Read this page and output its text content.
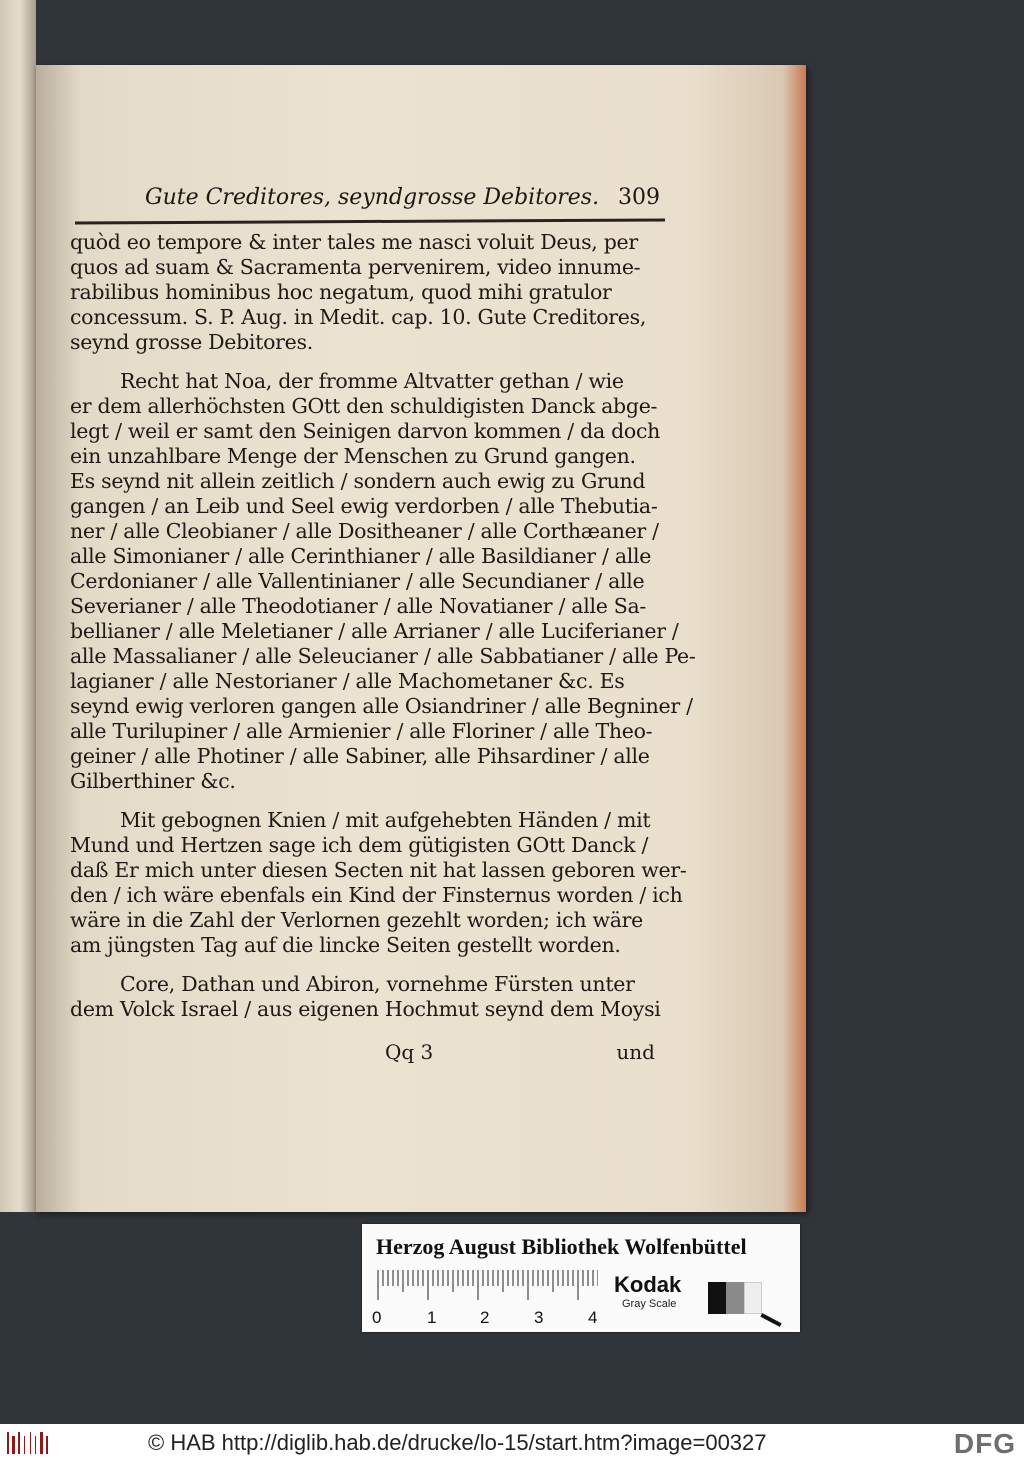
Gute Creditores, seyndgrosse Debitores. 309

quòd eo tempore & inter tales me nasci voluit Deus, per
quos ad suam & Sacramenta pervenirem, video innume-
rabilibus hominibus hoc negatum, quod mihi gratulor
concessum. S. P. Aug. in Medit. cap. 10. Gute Creditores,
seynd grosse Debitores.

Recht hat Noa, der fromme Altvatter gethan / wie
er dem allerhöchsten GOtt den schuldigisten Danck abge-
legt / weil er samt den Seinigen darvon kommen / da doch
ein unzahlbare Menge der Menschen zu Grund gangen.
Es seynd nit allein zeitlich / sondern auch ewig zu Grund
gangen / an Leib und Seel ewig verdorben / alle Thebutia-
ner / alle Cleobianer / alle Dositheaner / alle Corthæaner /
alle Simonianer / alle Cerinthianer / alle Basildianer / alle
Cerdonianer / alle Vallentinianer / alle Secundianer / alle
Severianer / alle Theodotianer / alle Novatianer / alle Sa-
bellianer / alle Meletianer / alle Arrianer / alle Luciferianer /
alle Massalianer / alle Seleucianer / alle Sabbatianer / alle Pe-
lagianer / alle Nestorianer / alle Machometaner &c. Es
seynd ewig verloren gangen alle Osiandriner / alle Begniner /
alle Turilupiner / alle Armienier / alle Floriner / alle Theo-
geiner / alle Photiner / alle Sabiner, alle Pihsardiner / alle
Gilberthiner &c.

Mit gebognen Knien / mit aufgehebten Händen / mit
Mund und Hertzen sage ich dem gütigisten GOtt Danck /
daß Er mich unter diesen Secten nit hat lassen geboren wer-
den / ich wäre ebenfals ein Kind der Finsternus worden / ich
wäre in die Zahl der Verlornen gezehlt worden; ich wäre
am jüngsten Tag auf die lincke Seiten gestellt worden.

Core, Dathan und Abiron, vornehme Fürsten unter
dem Volck Israel / aus eigenen Hochmut seynd dem Moysi

Qq 3	und
Herzog August Bibliothek Wolfenbüttel
0	1	2	3	4
Kodak
Gray Scale
© HAB http://diglib.hab.de/drucke/lo-15/start.htm?image=00327	DFG
